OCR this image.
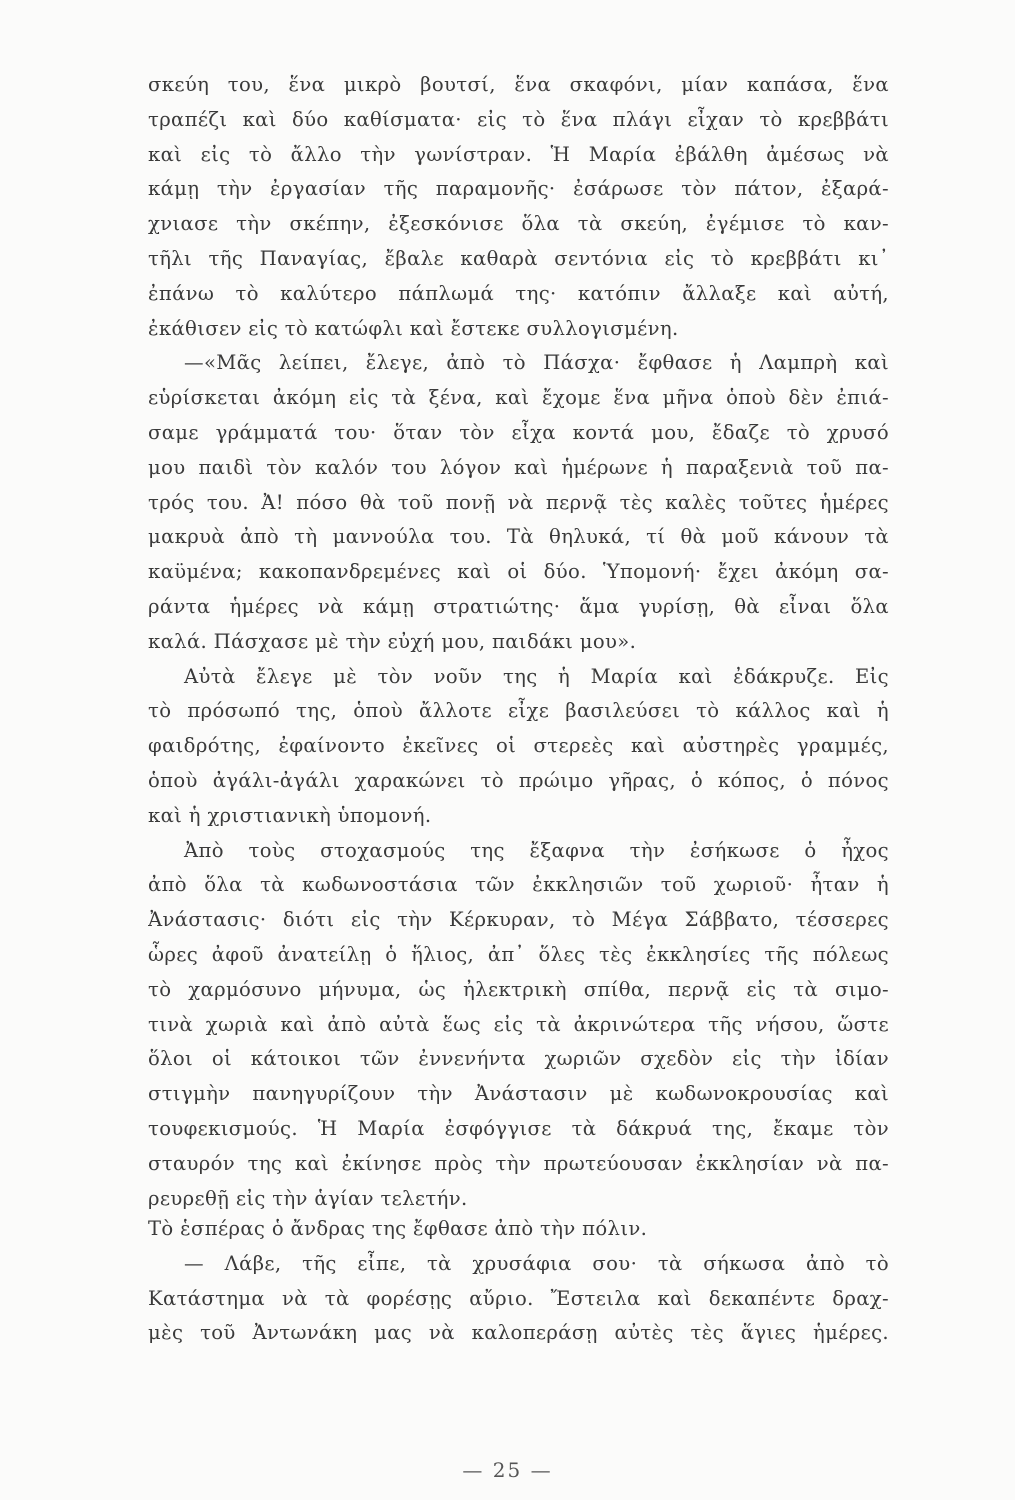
σκεύη του, ἕνα μικρὸ βουτσί, ἕνα σκαφόνι, μίαν καπάσα, ἕνα
τραπέζι καὶ δύο καθίσματα· εἰς τὸ ἕνα πλάγι εἶχαν τὸ κρεββάτι
καὶ εἰς τὸ ἄλλο τὴν γωνίστραν. Ἡ Μαρία ἐβάλθη ἀμέσως νὰ
κάμῃ τὴν ἐργασίαν τῆς παραμονῆς· ἐσάρωσε τὸν πάτον, ἐξαρά-
χνιασε τὴν σκέπην, ἐξεσκόνισε ὅλα τὰ σκεύη, ἐγέμισε τὸ καν-
τῆλι τῆς Παναγίας, ἔβαλε καθαρὰ σεντόνια εἰς τὸ κρεββάτι κι᾿
ἐπάνω τὸ καλύτερο πάπλωμά της· κατόπιν ἄλλαξε καὶ αὐτή,
ἐκάθισεν εἰς τὸ κατώφλι καὶ ἔστεκε συλλογισμένη.
—«Μᾶς λείπει, ἔλεγε, ἀπὸ τὸ Πάσχα· ἔφθασε ἡ Λαμπρὴ καὶ
εὑρίσκεται ἀκόμη εἰς τὰ ξένα, καὶ ἔχομε ἕνα μῆνα ὁποὺ δὲν ἐπιά-
σαμε γράμματά του· ὅταν τὸν εἶχα κοντά μου, ἔδαζε τὸ χρυσό
μου παιδὶ τὸν καλόν του λόγον καὶ ἡμέρωνε ἡ παραξενιὰ τοῦ πα-
τρός του. Ἀ! πόσο θὰ τοῦ πονῇ νὰ περνᾷ τὲς καλὲς τοῦτες ἡμέρες
μακρυὰ ἀπὸ τὴ μαννούλα του. Τὰ θηλυκά, τί θὰ μοῦ κάνουν τὰ
καϋμένα; κακοπανδρεμένες καὶ οἱ δύο. Ὑπομονή· ἔχει ἀκόμη σα-
ράντα ἡμέρες νὰ κάμῃ στρατιώτης· ἅμα γυρίσῃ, θὰ εἶναι ὅλα
καλά. Πάσχασε μὲ τὴν εὐχή μου, παιδάκι μου».
Αὐτὰ ἔλεγε μὲ τὸν νοῦν της ἡ Μαρία καὶ ἐδάκρυζε. Εἰς
τὸ πρόσωπό της, ὁποὺ ἄλλοτε εἶχε βασιλεύσει τὸ κάλλος καὶ ἡ
φαιδρότης, ἐφαίνοντο ἐκεῖνες οἱ στερεὲς καὶ αὐστηρὲς γραμμές,
ὁποὺ ἀγάλι-ἀγάλι χαρακώνει τὸ πρώιμο γῆρας, ὁ κόπος, ὁ πόνος
καὶ ἡ χριστιανικὴ ὑπομονή.
Ἀπὸ τοὺς στοχασμούς της ἔξαφνα τὴν ἐσήκωσε ὁ ἦχος
ἀπὸ ὅλα τὰ κωδωνοστάσια τῶν ἐκκλησιῶν τοῦ χωριοῦ· ἦταν ἡ
Ἀνάστασις· διότι εἰς τὴν Κέρκυραν, τὸ Μέγα Σάββατο, τέσσερες
ὧρες ἀφοῦ ἀνατείλῃ ὁ ἥλιος, ἀπ᾿ ὅλες τὲς ἐκκλησίες τῆς πόλεως
τὸ χαρμόσυνο μήνυμα, ὡς ἠλεκτρικὴ σπίθα, περνᾷ εἰς τὰ σιμο-
τινὰ χωριὰ καὶ ἀπὸ αὐτὰ ἕως εἰς τὰ ἀκρινώτερα τῆς νήσου, ὥστε
ὅλοι οἱ κάτοικοι τῶν ἐννενήντα χωριῶν σχεδὸν εἰς τὴν ἰδίαν
στιγμὴν πανηγυρίζουν τὴν Ἀνάστασιν μὲ κωδωνοκρουσίας καὶ
τουφεκισμούς. Ἡ Μαρία ἐσφόγγισε τὰ δάκρυά της, ἔκαμε τὸν
σταυρόν της καὶ ἐκίνησε πρὸς τὴν πρωτεύουσαν ἐκκλησίαν νὰ πα-
ρευρεθῇ εἰς τὴν ἁγίαν τελετήν.
Τὸ ἑσπέρας ὁ ἄνδρας της ἔφθασε ἀπὸ τὴν πόλιν.
— Λάβε, τῆς εἶπε, τὰ χρυσάφια σου· τὰ σήκωσα ἀπὸ τὸ
Κατάστημα νὰ τὰ φορέσῃς αὔριο. Ἔστειλα καὶ δεκαπέντε δραχ-
μὲς τοῦ Ἀντωνάκη μας νὰ καλοπεράσῃ αὐτὲς τὲς ἅγιες ἡμέρες.
— 25 —
